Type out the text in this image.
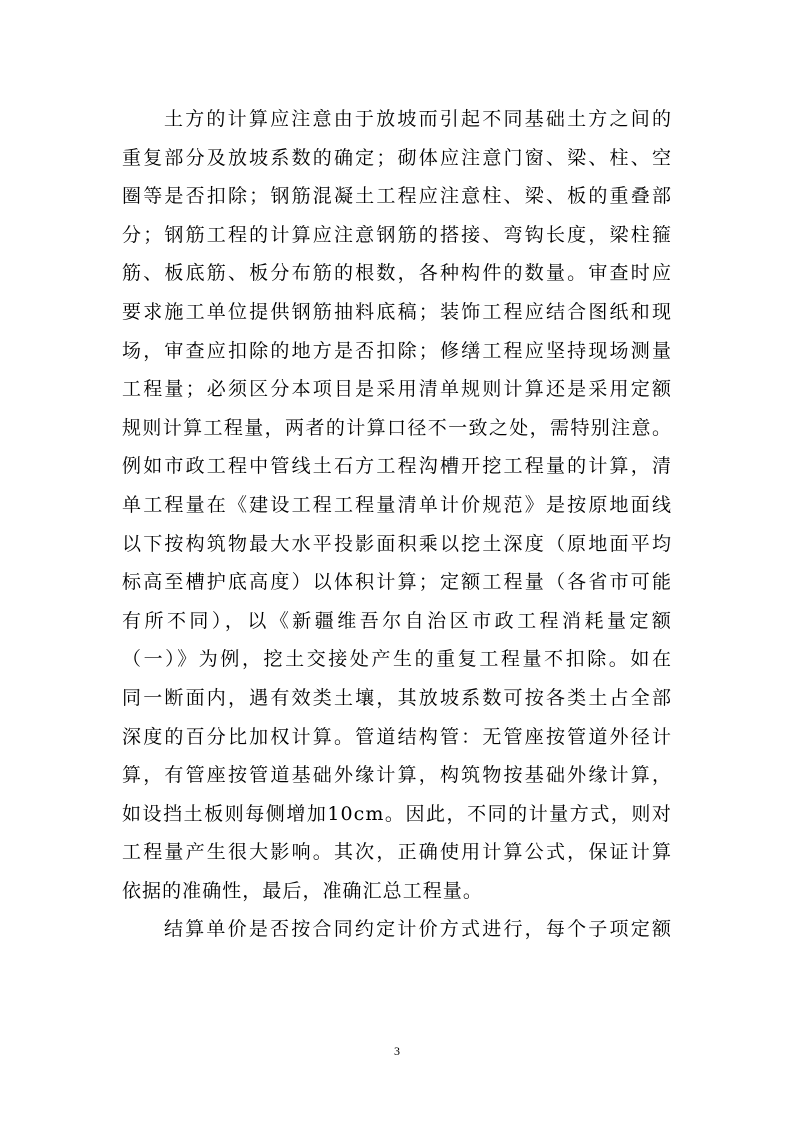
土方的计算应注意由于放坡而引起不同基础土方之间的
重复部分及放坡系数的确定；砌体应注意门窗、梁、柱、空
圈等是否扣除；钢筋混凝土工程应注意柱、梁、板的重叠部
分；钢筋工程的计算应注意钢筋的搭接、弯钩长度，梁柱箍
筋、板底筋、板分布筋的根数，各种构件的数量。审查时应
要求施工单位提供钢筋抽料底稿；装饰工程应结合图纸和现
场，审查应扣除的地方是否扣除；修缮工程应坚持现场测量
工程量；必须区分本项目是采用清单规则计算还是采用定额
规则计算工程量，两者的计算口径不一致之处，需特别注意。
例如市政工程中管线土石方工程沟槽开挖工程量的计算，清
单工程量在《建设工程工程量清单计价规范》是按原地面线
以下按构筑物最大水平投影面积乘以挖土深度（原地面平均
标高至槽护底高度）以体积计算；定额工程量（各省市可能
有所不同），以《新疆维吾尔自治区市政工程消耗量定额
（一）》为例，挖土交接处产生的重复工程量不扣除。如在
同一断面内，遇有效类土壤，其放坡系数可按各类土占全部
深度的百分比加权计算。管道结构管：无管座按管道外径计
算，有管座按管道基础外缘计算，构筑物按基础外缘计算，
如设挡土板则每侧增加10cm。因此，不同的计量方式，则对
工程量产生很大影响。其次，正确使用计算公式，保证计算
依据的准确性，最后，准确汇总工程量。
结算单价是否按合同约定计价方式进行，每个子项定额
3
